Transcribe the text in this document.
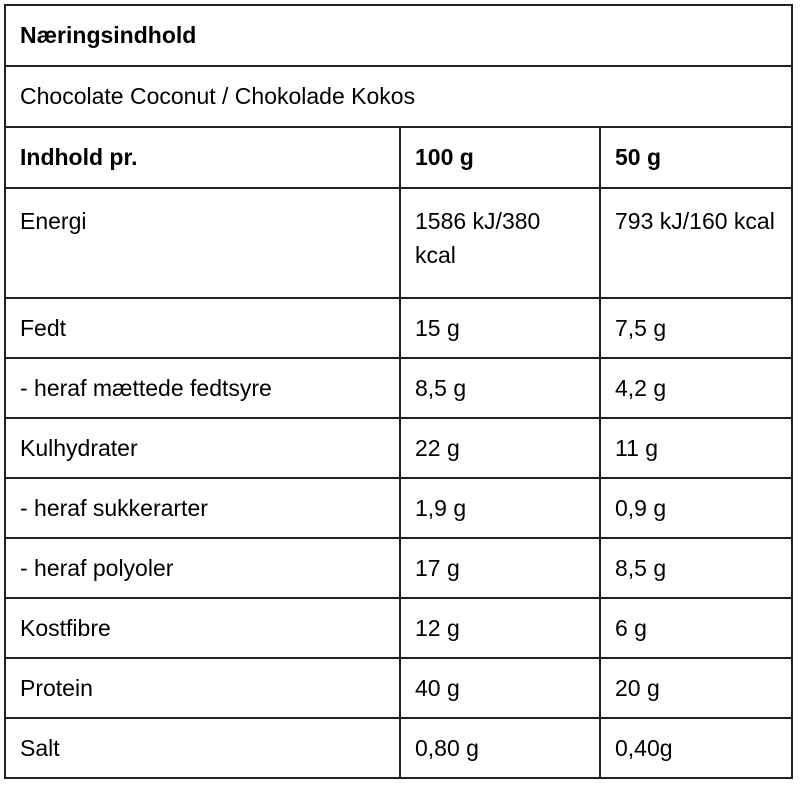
Næringsindhold		
Chocolate Coconut / Chokolade Kokos		
Indhold pr.	100 g	50 g
Energi	1586 kJ/380 kcal	793 kJ/160 kcal
Fedt	15 g	7,5 g
- heraf mættede fedtsyre	8,5 g	4,2 g
Kulhydrater	22 g	11 g
- heraf sukkerarter	1,9 g	0,9 g
- heraf polyoler	17 g	8,5 g
Kostfibre	12 g	6 g
Protein	40 g	20 g
Salt	0,80 g	0,40g
